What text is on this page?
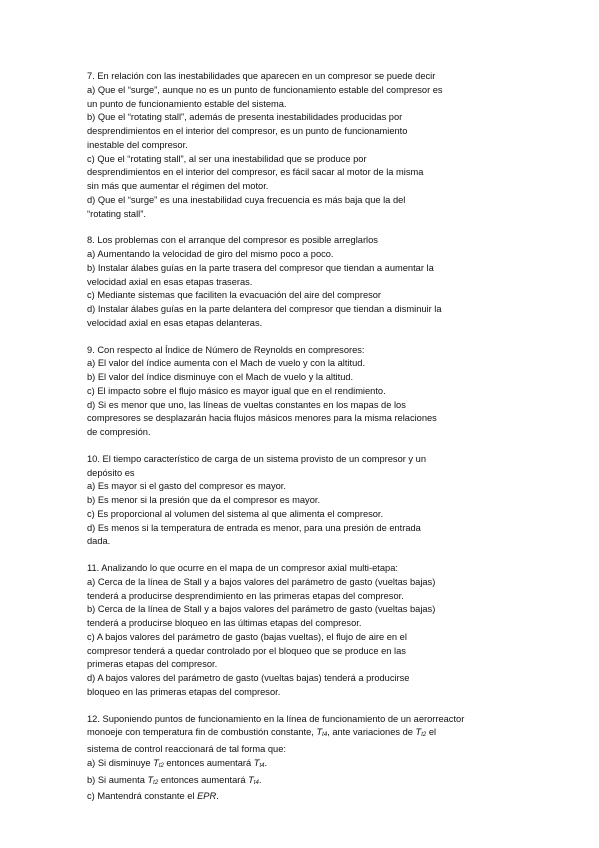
7. En relación con las inestabilidades que aparecen en un compresor se puede decir
a) Que el “surge”, aunque no es un punto de funcionamiento estable del compresor es
un punto de funcionamiento estable del sistema.
b) Que el “rotating stall”, además de presenta inestabilidades producidas por
desprendimientos en el interior del compresor, es un punto de funcionamiento
inestable del compresor.
c) Que el “rotating stall”, al ser una inestabilidad que se produce por
desprendimientos en el interior del compresor, es fácil sacar al motor de la misma
sin más que aumentar el régimen del motor.
d) Que el “surge” es una inestabilidad cuya frecuencia es más baja que la del
“rotating stall”.
8. Los problemas con el arranque del compresor es posible arreglarlos
a) Aumentando la velocidad de giro del mismo poco a poco.
b) Instalar álabes guías en la parte trasera del compresor que tiendan a aumentar la
velocidad axial en esas etapas traseras.
c) Mediante sistemas que faciliten la evacuación del aire del compresor
d) Instalar álabes guías en la parte delantera del compresor que tiendan a disminuir la
velocidad axial en esas etapas delanteras.
9. Con respecto al Índice de Número de Reynolds en compresores:
a) El valor del índice aumenta con el Mach de vuelo y con la altitud.
b) El valor del índice disminuye con el Mach de vuelo y la altitud.
c) El impacto sobre el flujo másico es mayor igual que en el rendimiento.
d) Si es menor que uno, las líneas de vueltas constantes en los mapas de los
compresores se desplazarán hacia flujos másicos menores para la misma relaciones
de compresión.
10. El tiempo característico de carga de un sistema provisto de un compresor y un
depósito es
a) Es mayor si el gasto del compresor es mayor.
b) Es menor si la presión que da el compresor es mayor.
c) Es proporcional al volumen del sistema al que alimenta el compresor.
d) Es menos si la temperatura de entrada es menor, para una presión de entrada
dada.
11. Analizando lo que ocurre en el mapa de un compresor axial multi-etapa:
a) Cerca de la línea de Stall y a bajos valores del parámetro de gasto (vueltas bajas)
tenderá a producirse desprendimiento en las primeras etapas del compresor.
b) Cerca de la línea de Stall y a bajos valores del parámetro de gasto (vueltas bajas)
tenderá a producirse bloqueo en las últimas etapas del compresor.
c) A bajos valores del parámetro de gasto (bajas vueltas), el flujo de aire en el
compresor tenderá a quedar controlado por el bloqueo que se produce en las
primeras etapas del compresor.
d) A bajos valores del parámetro de gasto (vueltas bajas) tenderá a producirse
bloqueo en las primeras etapas del compresor.
12. Suponiendo puntos de funcionamiento en la línea de funcionamiento de un aerorreactor
monoeje con temperatura fin de combustión constante, Tt4, ante variaciones de Tt2 el
sistema de control reaccionará de tal forma que:
a) Si disminuye Tt2 entonces aumentará Tt4.
b) Si aumenta Tt2 entonces aumentará Tt4.
c) Mantendrá constante el EPR.
